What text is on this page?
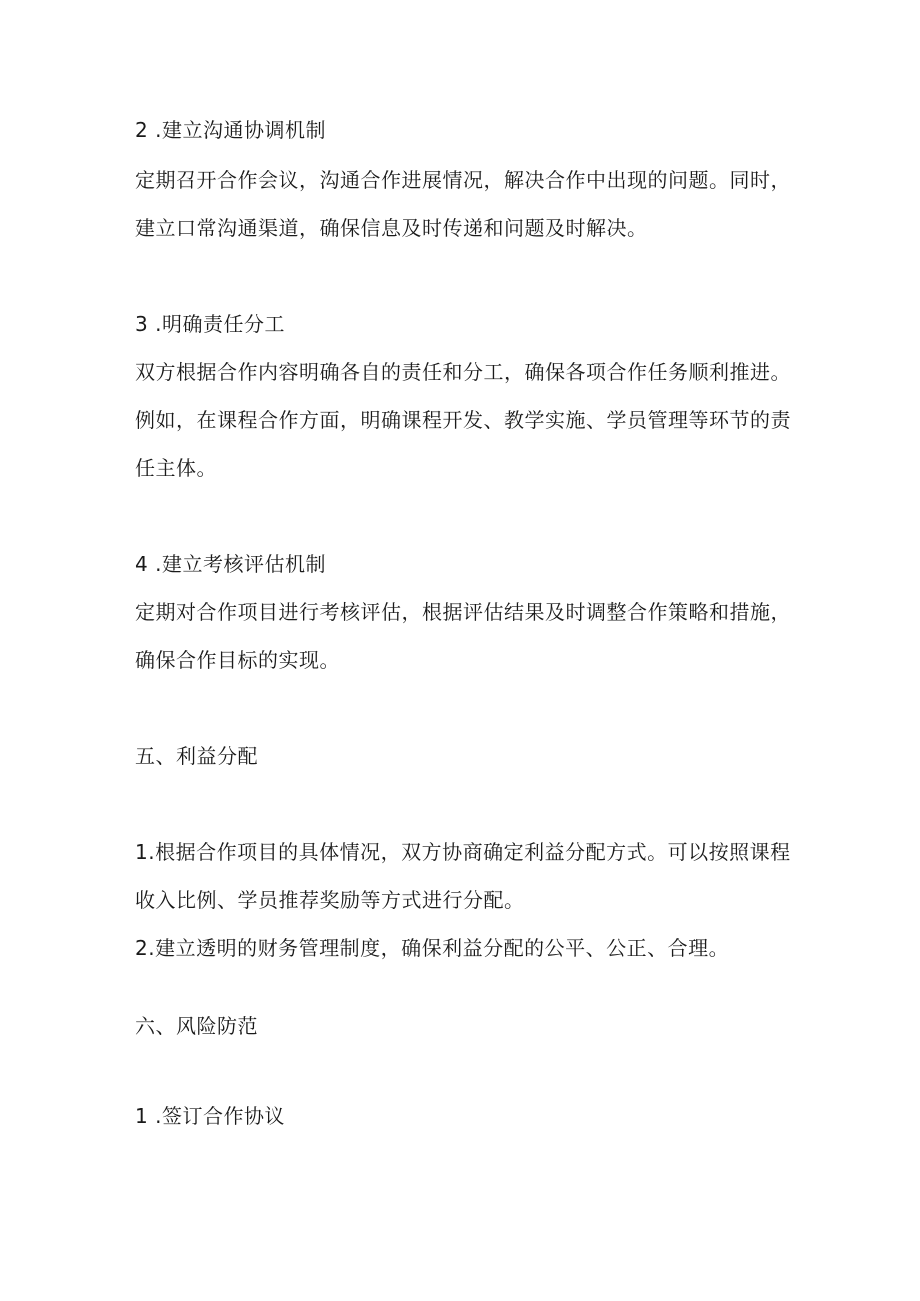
2 .建立沟通协调机制
定期召开合作会议，沟通合作进展情况，解决合作中出现的问题。同时，
建立口常沟通渠道，确保信息及时传递和问题及时解决。
3 .明确责任分工
双方根据合作内容明确各自的责任和分工，确保各项合作任务顺利推进。
例如，在课程合作方面，明确课程开发、教学实施、学员管理等环节的责
任主体。
4 .建立考核评估机制
定期对合作项目进行考核评估，根据评估结果及时调整合作策略和措施，
确保合作目标的实现。
五、利益分配
1.根据合作项目的具体情况，双方协商确定利益分配方式。可以按照课程
收入比例、学员推荐奖励等方式进行分配。
2.建立透明的财务管理制度，确保利益分配的公平、公正、合理。
六、风险防范
1 .签订合作协议
